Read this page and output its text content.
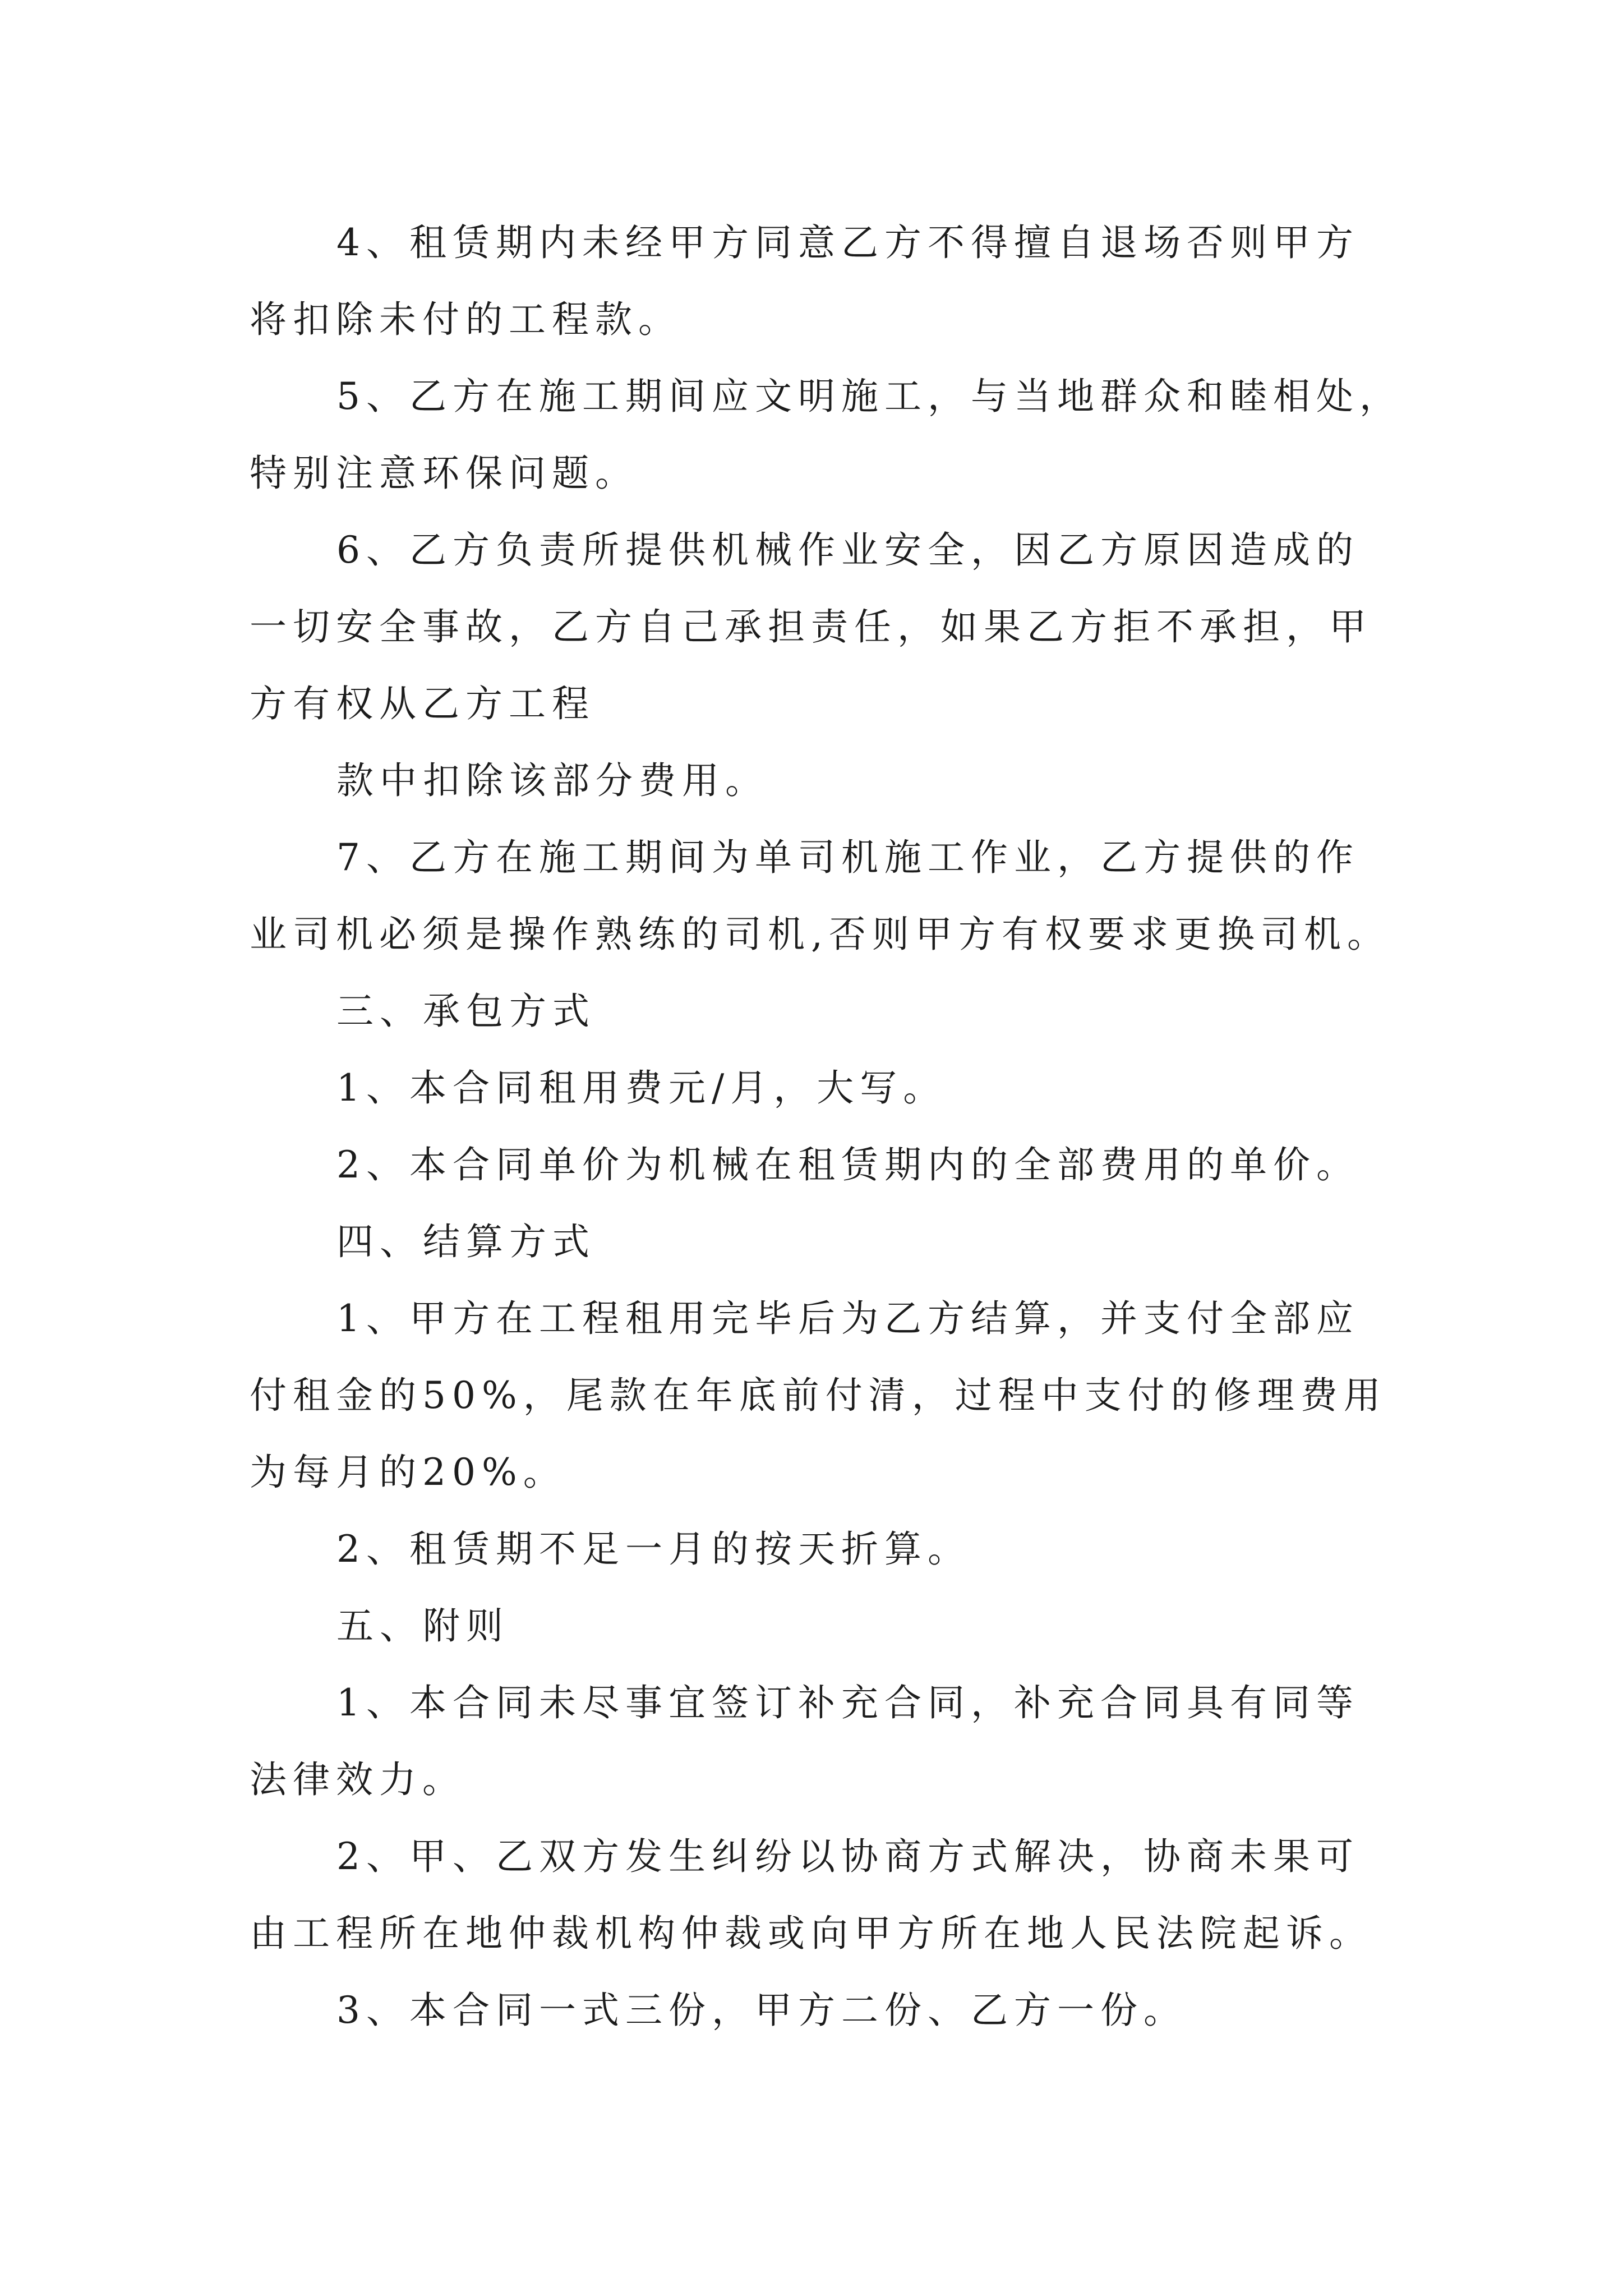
4、租赁期内未经甲方同意乙方不得擅自退场否则甲方
将扣除未付的工程款。
5、乙方在施工期间应文明施工，与当地群众和睦相处，
特别注意环保问题。
6、乙方负责所提供机械作业安全，因乙方原因造成的
一切安全事故，乙方自己承担责任，如果乙方拒不承担，甲
方有权从乙方工程
款中扣除该部分费用。
7、乙方在施工期间为单司机施工作业，乙方提供的作
业司机必须是操作熟练的司机,否则甲方有权要求更换司机。
三、承包方式
1、本合同租用费元/月，大写。
2、本合同单价为机械在租赁期内的全部费用的单价。
四、结算方式
1、甲方在工程租用完毕后为乙方结算，并支付全部应
付租金的50%，尾款在年底前付清，过程中支付的修理费用
为每月的20%。
2、租赁期不足一月的按天折算。
五、附则
1、本合同未尽事宜签订补充合同，补充合同具有同等
法律效力。
2、甲、乙双方发生纠纷以协商方式解决，协商未果可
由工程所在地仲裁机构仲裁或向甲方所在地人民法院起诉。
3、本合同一式三份，甲方二份、乙方一份。
